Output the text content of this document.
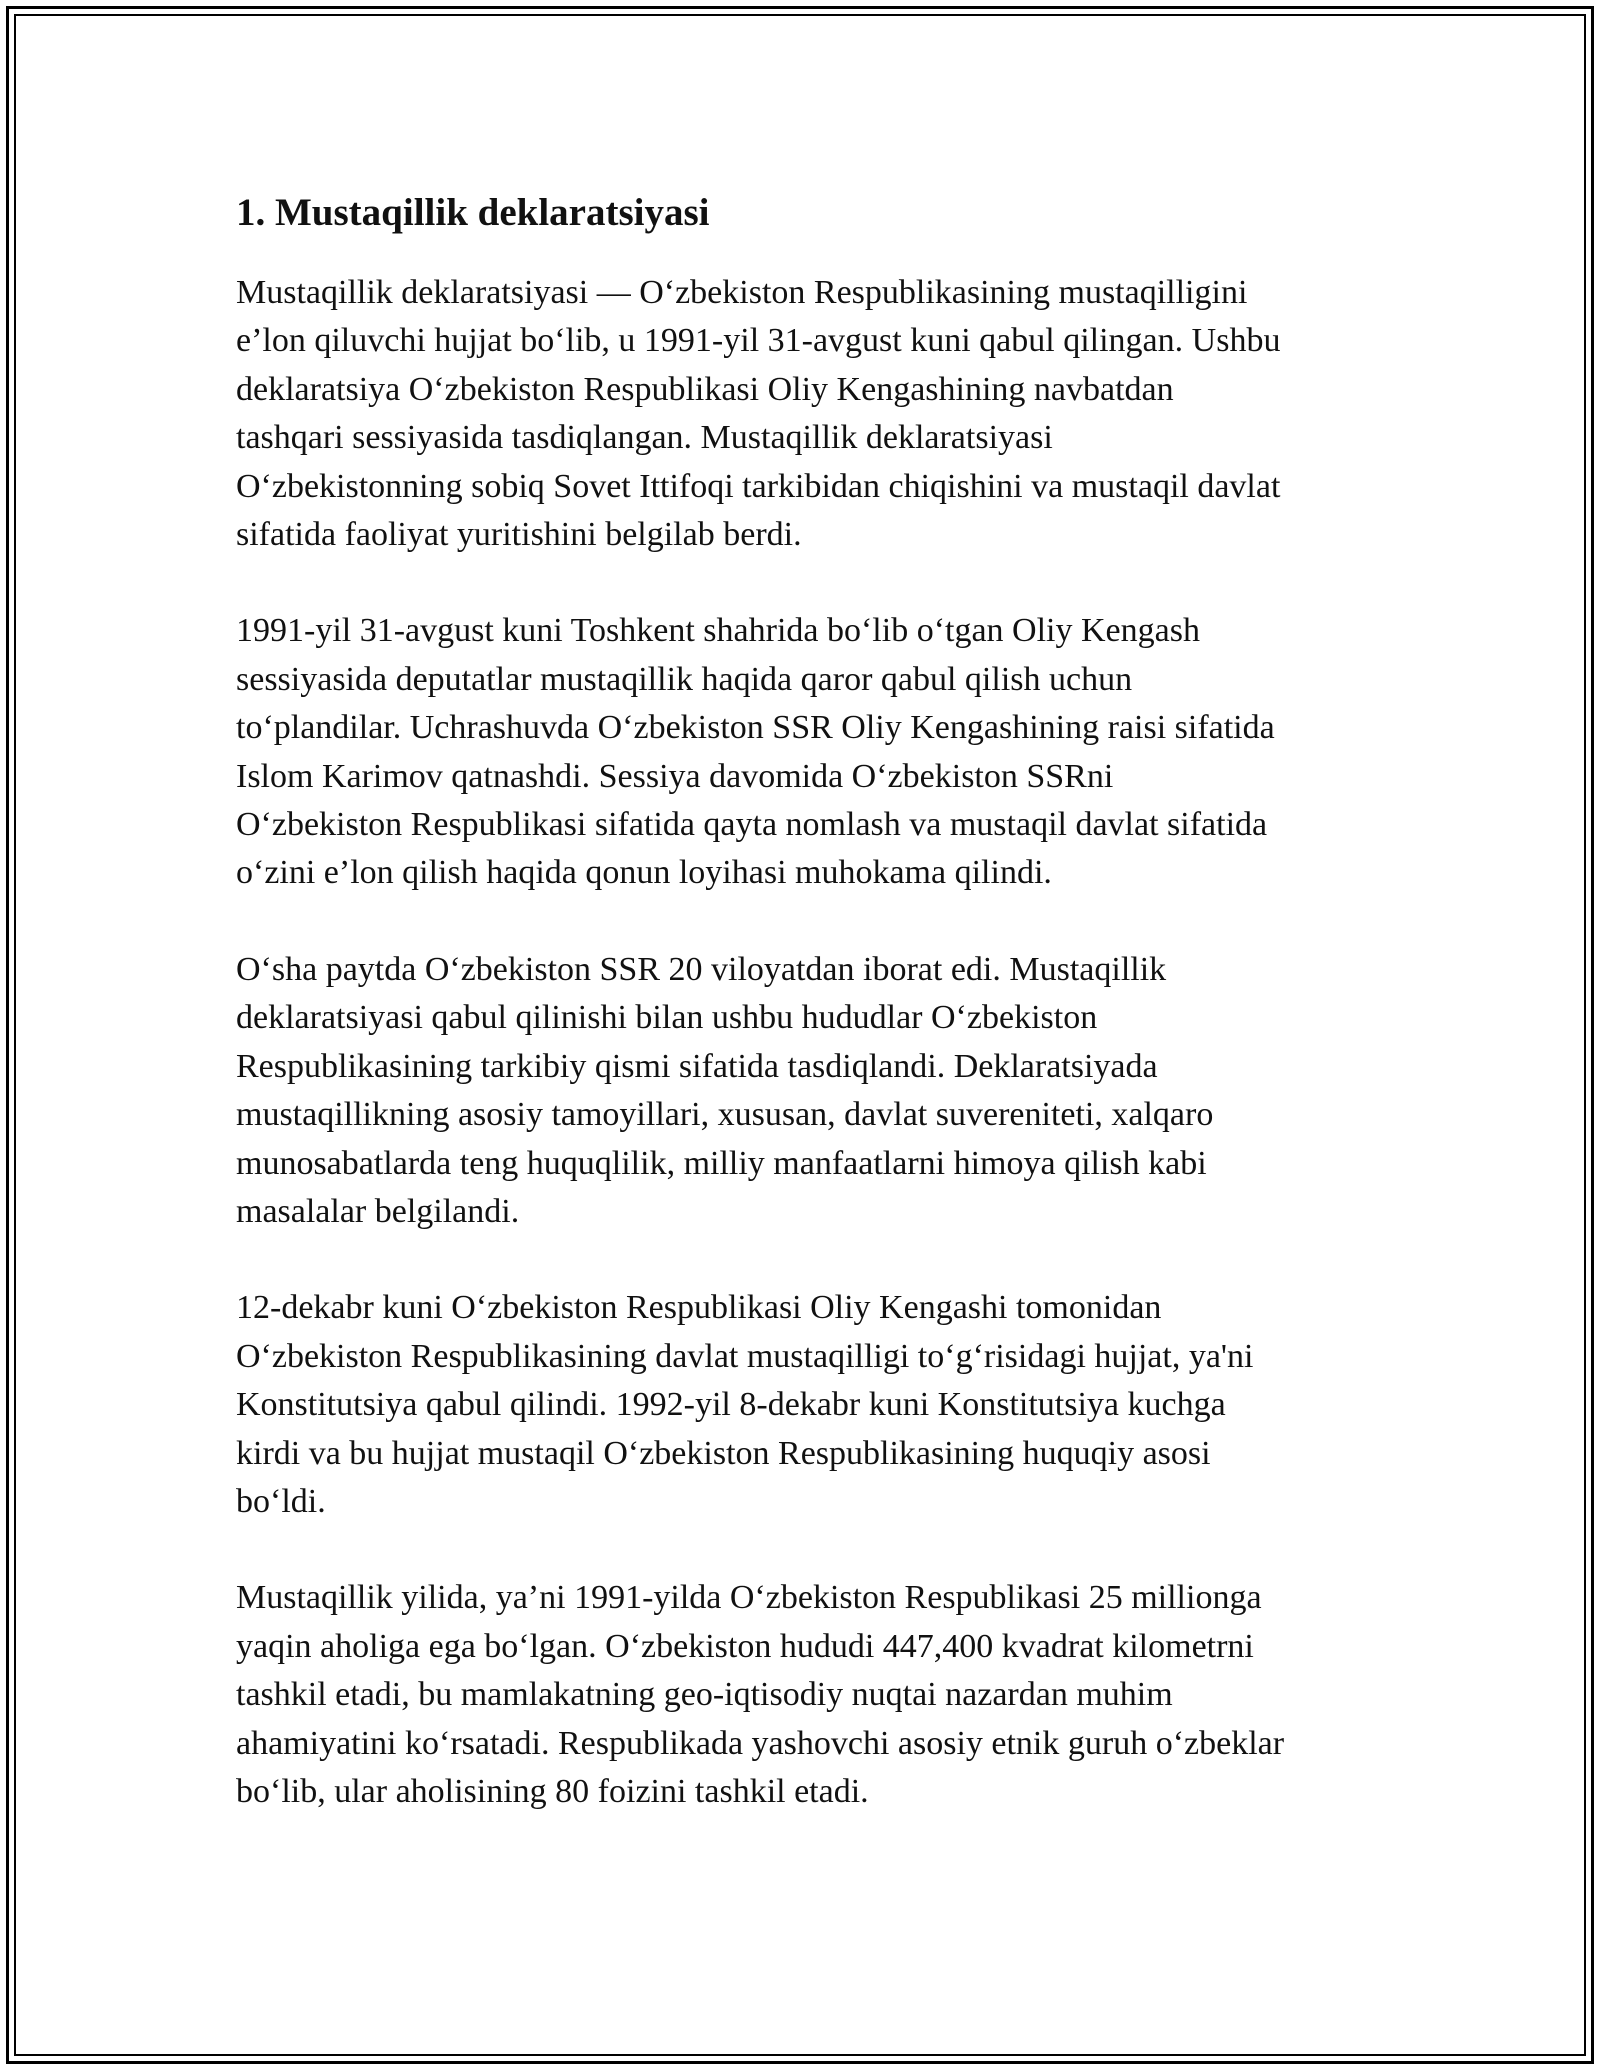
1. Mustaqillik deklaratsiyasi

Mustaqillik deklaratsiyasi — O‘zbekiston Respublikasining mustaqilligini
e’lon qiluvchi hujjat bo‘lib, u 1991-yil 31-avgust kuni qabul qilingan. Ushbu
deklaratsiya O‘zbekiston Respublikasi Oliy Kengashining navbatdan
tashqari sessiyasida tasdiqlangan. Mustaqillik deklaratsiyasi
O‘zbekistonning sobiq Sovet Ittifoqi tarkibidan chiqishini va mustaqil davlat
sifatida faoliyat yuritishini belgilab berdi.

1991-yil 31-avgust kuni Toshkent shahrida bo‘lib o‘tgan Oliy Kengash
sessiyasida deputatlar mustaqillik haqida qaror qabul qilish uchun
to‘plandilar. Uchrashuvda O‘zbekiston SSR Oliy Kengashining raisi sifatida
Islom Karimov qatnashdi. Sessiya davomida O‘zbekiston SSRni
O‘zbekiston Respublikasi sifatida qayta nomlash va mustaqil davlat sifatida
o‘zini e’lon qilish haqida qonun loyihasi muhokama qilindi.

O‘sha paytda O‘zbekiston SSR 20 viloyatdan iborat edi. Mustaqillik
deklaratsiyasi qabul qilinishi bilan ushbu hududlar O‘zbekiston
Respublikasining tarkibiy qismi sifatida tasdiqlandi. Deklaratsiyada
mustaqillikning asosiy tamoyillari, xususan, davlat suvereniteti, xalqaro
munosabatlarda teng huquqlilik, milliy manfaatlarni himoya qilish kabi
masalalar belgilandi.

12-dekabr kuni O‘zbekiston Respublikasi Oliy Kengashi tomonidan
O‘zbekiston Respublikasining davlat mustaqilligi to‘g‘risidagi hujjat, ya'ni
Konstitutsiya qabul qilindi. 1992-yil 8-dekabr kuni Konstitutsiya kuchga
kirdi va bu hujjat mustaqil O‘zbekiston Respublikasining huquqiy asosi
bo‘ldi.

Mustaqillik yilida, ya’ni 1991-yilda O‘zbekiston Respublikasi 25 millionga
yaqin aholiga ega bo‘lgan. O‘zbekiston hududi 447,400 kvadrat kilometrni
tashkil etadi, bu mamlakatning geo-iqtisodiy nuqtai nazardan muhim
ahamiyatini ko‘rsatadi. Respublikada yashovchi asosiy etnik guruh o‘zbeklar
bo‘lib, ular aholisining 80 foizini tashkil etadi.
